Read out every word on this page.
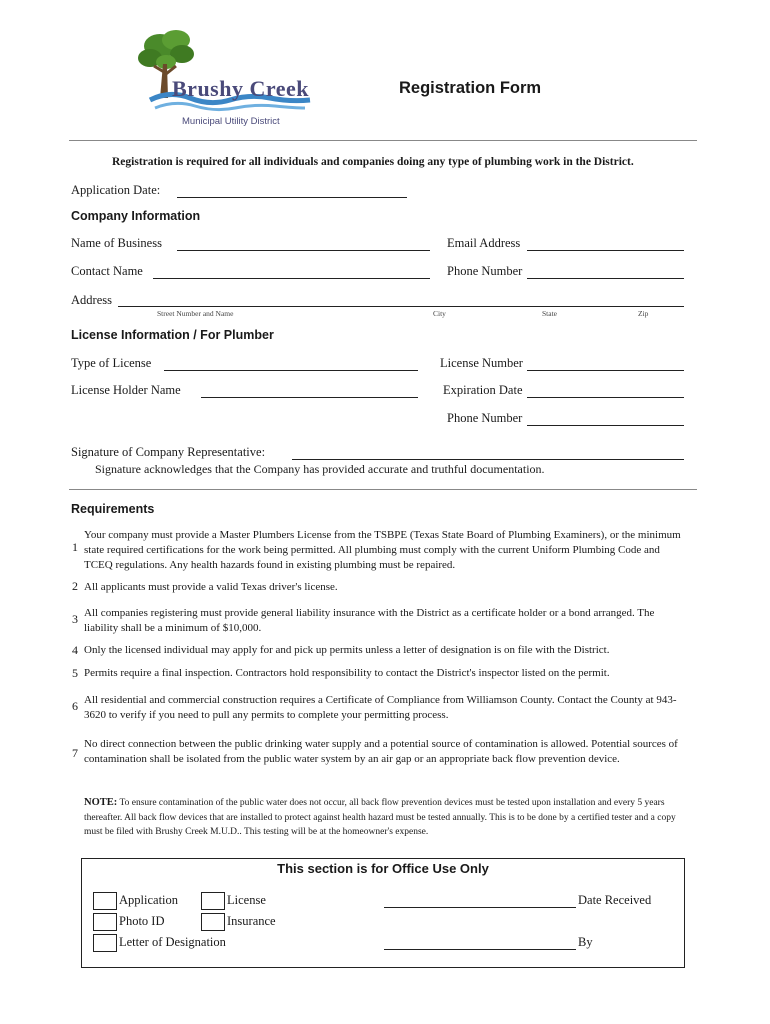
Brushy Creek
Municipal Utility District
Registration Form
Registration is required for all individuals and companies doing any type of plumbing work in the District.
Application Date:
Company Information
Name of Business	Email Address
Contact Name	Phone Number
Address
Street Number and Name	City	State	Zip
License Information / For Plumber
Type of License	License Number
License Holder Name	Expiration Date
Phone Number
Signature of Company Representative:
Signature acknowledges that the Company has provided accurate and truthful documentation.
Requirements
1
Your company must provide a Master Plumbers License from the TSBPE (Texas State Board of Plumbing Examiners), or the minimum state required certifications for the work being permitted. All plumbing must comply with the current Uniform Plumbing Code and TCEQ regulations. Any health hazards found in existing plumbing must be repaired.
2 All applicants must provide a valid Texas driver's license.
3 All companies registering must provide general liability insurance with the District as a certificate holder or a bond arranged. The liability shall be a minimum of $10,000.
4 Only the licensed individual may apply for and pick up permits unless a letter of designation is on file with the District.
5 Permits require a final inspection. Contractors hold responsibility to contact the District's inspector listed on the permit.
6 All residential and commercial construction requires a Certificate of Compliance from Williamson County. Contact the County at 943-3620 to verify if you need to pull any permits to complete your permitting process.
7
No direct connection between the public drinking water supply and a potential source of contamination is allowed. Potential sources of contamination shall be isolated from the public water system by an air gap or an appropriate back flow prevention device.
NOTE: To ensure contamination of the public water does not occur, all back flow prevention devices must be tested upon installation and every 5 years thereafter. All back flow devices that are installed to protect against health hazard must be tested annually. This is to be done by a certified tester and a copy must be filed with Brushy Creek M.U.D.. This testing will be at the homeowner's expense.
This section is for Office Use Only
Application	License
Photo ID	Insurance
Letter of Designation
Date Received
By
